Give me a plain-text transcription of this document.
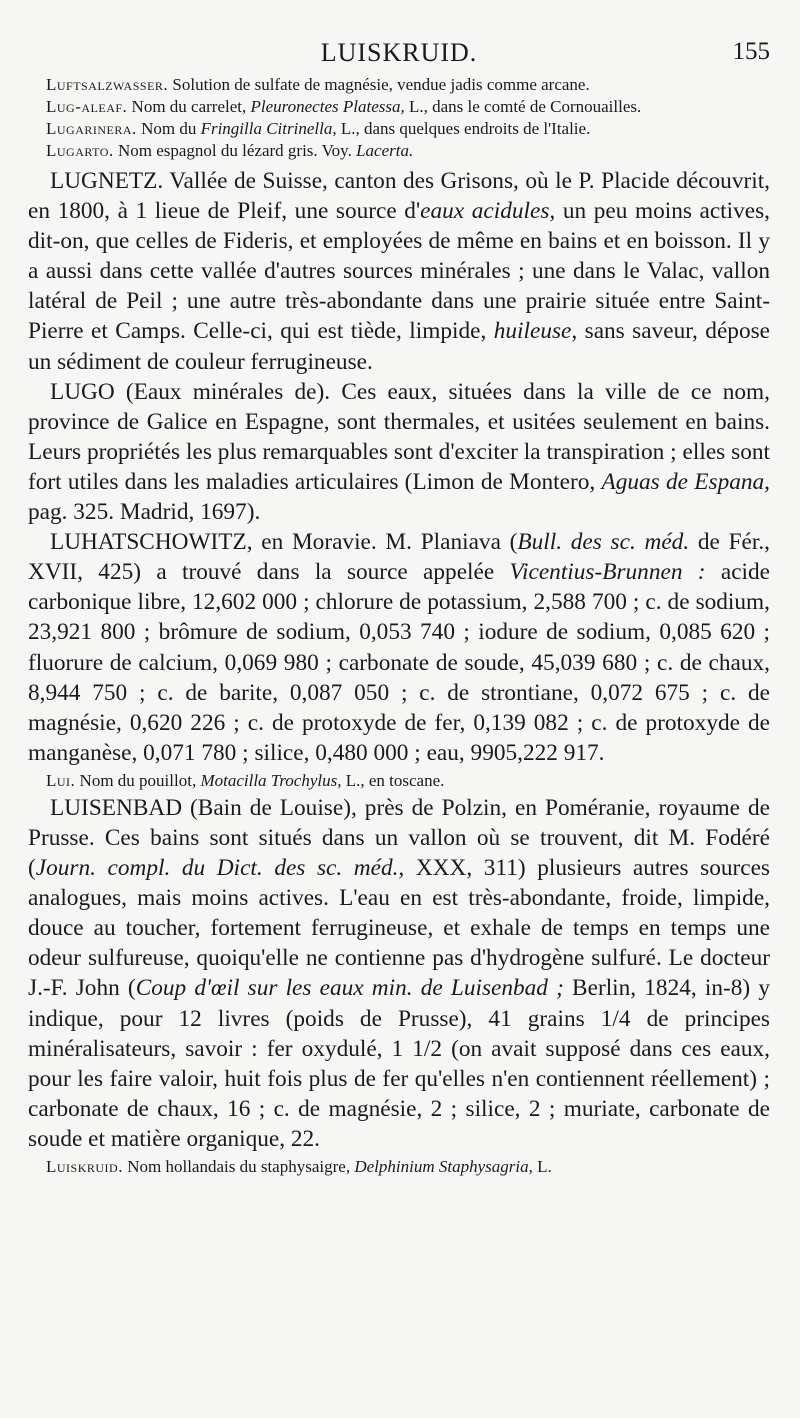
LUISKRUID.	155

Luftsalzwasser. Solution de sulfate de magnésie, vendue jadis comme arcane.

Lug-aleaf. Nom du carrelet, Pleuronectes Platessa, L., dans le comté de Cornouailles.

Lugarinera. Nom du Fringilla Citrinella, L., dans quelques endroits de l'Italie.

Lugarto. Nom espagnol du lézard gris. Voy. Lacerta.

LUGNETZ. Vallée de Suisse, canton des Grisons, où le P. Placide découvrit, en 1800, à 1 lieue de Pleif, une source d'eaux acidules, un peu moins actives, dit-on, que celles de Fideris, et employées de même en bains et en boisson. Il y a aussi dans cette vallée d'autres sources minérales ; une dans le Valac, vallon latéral de Peil ; une autre très-abondante dans une prairie située entre Saint-Pierre et Camps. Celle-ci, qui est tiède, limpide, huileuse, sans saveur, dépose un sédiment de couleur ferrugineuse.

LUGO (Eaux minérales de). Ces eaux, situées dans la ville de ce nom, province de Galice en Espagne, sont thermales, et usitées seulement en bains. Leurs propriétés les plus remarquables sont d'exciter la transpiration ; elles sont fort utiles dans les maladies articulaires (Limon de Montero, Aguas de Espana, pag. 325. Madrid, 1697).

LUHATSCHOWITZ, en Moravie. M. Planiava (Bull. des sc. méd. de Fér., XVII, 425) a trouvé dans la source appelée Vicentius-Brunnen : acide carbonique libre, 12,602 000 ; chlorure de potassium, 2,588 700 ; c. de sodium, 23,921 800 ; brômure de sodium, 0,053 740 ; iodure de sodium, 0,085 620 ; fluorure de calcium, 0,069 980 ; carbonate de soude, 45,039 680 ; c. de chaux, 8,944 750 ; c. de barite, 0,087 050 ; c. de strontiane, 0,072 675 ; c. de magnésie, 0,620 226 ; c. de protoxyde de fer, 0,139 082 ; c. de protoxyde de manganèse, 0,071 780 ; silice, 0,480 000 ; eau, 9905,222 917.

Lui. Nom du pouillot, Motacilla Trochylus, L., en toscane.

LUISENBAD (Bain de Louise), près de Polzin, en Poméranie, royaume de Prusse. Ces bains sont situés dans un vallon où se trouvent, dit M. Fodéré (Journ. compl. du Dict. des sc. méd., XXX, 311) plusieurs autres sources analogues, mais moins actives. L'eau en est très-abondante, froide, limpide, douce au toucher, fortement ferrugineuse, et exhale de temps en temps une odeur sulfureuse, quoiqu'elle ne contienne pas d'hydrogène sulfuré. Le docteur J.-F. John (Coup d'œil sur les eaux min. de Luisenbad ; Berlin, 1824, in-8) y indique, pour 12 livres (poids de Prusse), 41 grains 1/4 de principes minéralisateurs, savoir : fer oxydulé, 1 1/2 (on avait supposé dans ces eaux, pour les faire valoir, huit fois plus de fer qu'elles n'en contiennent réellement) ; carbonate de chaux, 16 ; c. de magnésie, 2 ; silice, 2 ; muriate, carbonate de soude et matière organique, 22.

Luiskruid. Nom hollandais du staphysaigre, Delphinium Staphysagria, L.
